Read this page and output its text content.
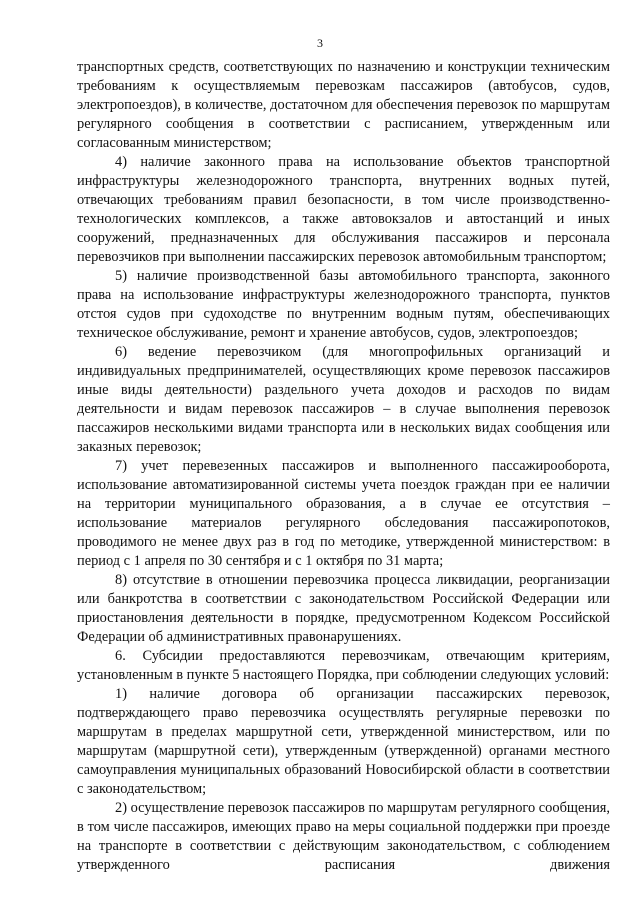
3

транспортных средств, соответствующих по назначению и конструкции техническим требованиям к осуществляемым перевозкам пассажиров (автобусов, судов, электропоездов), в количестве, достаточном для обеспечения перевозок по маршрутам регулярного сообщения в соответствии с расписанием, утвержденным или согласованным министерством;

4) наличие законного права на использование объектов транспортной инфраструктуры железнодорожного транспорта, внутренних водных путей, отвечающих требованиям правил безопасности, в том числе производственно-технологических комплексов, а также автовокзалов и автостанций и иных сооружений, предназначенных для обслуживания пассажиров и персонала перевозчиков при выполнении пассажирских перевозок автомобильным транспортом;

5) наличие производственной базы автомобильного транспорта, законного права на использование инфраструктуры железнодорожного транспорта, пунктов отстоя судов при судоходстве по внутренним водным путям, обеспечивающих техническое обслуживание, ремонт и хранение автобусов, судов, электропоездов;

6) ведение перевозчиком (для многопрофильных организаций и индивидуальных предпринимателей, осуществляющих кроме перевозок пассажиров иные виды деятельности) раздельного учета доходов и расходов по видам деятельности и видам перевозок пассажиров – в случае выполнения перевозок пассажиров несколькими видами транспорта или в нескольких видах сообщения или заказных перевозок;

7) учет перевезенных пассажиров и выполненного пассажирооборота, использование автоматизированной системы учета поездок граждан при ее наличии на территории муниципального образования, а в случае ее отсутствия – использование материалов регулярного обследования пассажиропотоков, проводимого не менее двух раз в год по методике, утвержденной министерством: в период с 1 апреля по 30 сентября и с 1 октября по 31 марта;

8) отсутствие в отношении перевозчика процесса ликвидации, реорганизации или банкротства в соответствии с законодательством Российской Федерации или приостановления деятельности в порядке, предусмотренном Кодексом Российской Федерации об административных правонарушениях.

6. Субсидии предоставляются перевозчикам, отвечающим критериям, установленным в пункте 5 настоящего Порядка, при соблюдении следующих условий:

1) наличие договора об организации пассажирских перевозок, подтверждающего право перевозчика осуществлять регулярные перевозки по маршрутам в пределах маршрутной сети, утвержденной министерством, или по маршрутам (маршрутной сети), утвержденным (утвержденной) органами местного самоуправления муниципальных образований Новосибирской области в соответствии с законодательством;

2) осуществление перевозок пассажиров по маршрутам регулярного сообщения, в том числе пассажиров, имеющих право на меры социальной поддержки при проезде на транспорте в соответствии с действующим законодательством, с соблюдением утвержденного расписания движения
